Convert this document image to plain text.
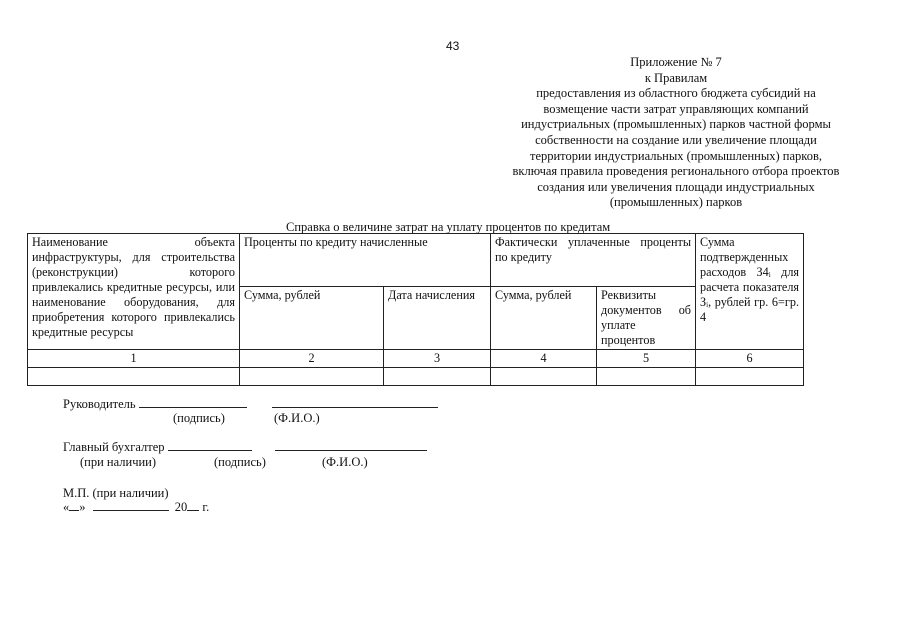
43
Приложение № 7
к Правилам
предоставления из областного бюджета субсидий на
возмещение части затрат управляющих компаний
индустриальных (промышленных) парков частной формы
собственности на создание или увеличение площади
территории индустриальных (промышленных) парков,
включая правила проведения регионального отбора проектов
создания или увеличения площади индустриальных
(промышленных) парков
Справка о величине затрат на уплату процентов по кредитам
Наименование объекта инфраструктуры, для строительства (реконструкции) которого привлекались кредитные ресурсы, или наименование оборудования, для приобретения которого привлекались кредитные ресурсы	Проценты по кредиту начисленные		Фактически уплаченные проценты по кредиту		Сумма подтвержденных расходов З4ᵢ для расчета показателя Зᵢ, рублей гр. 6=гр. 4
	Сумма, рублей	Дата начисления	Сумма, рублей	Реквизиты документов об уплате процентов	
1	2	3	4	5	6

Руководитель
(подпись)	(Ф.И.О.)
Главный бухгалтер
(при наличии)	(подпись)	(Ф.И.О.)
М.П. (при наличии)
« »	20 г.
